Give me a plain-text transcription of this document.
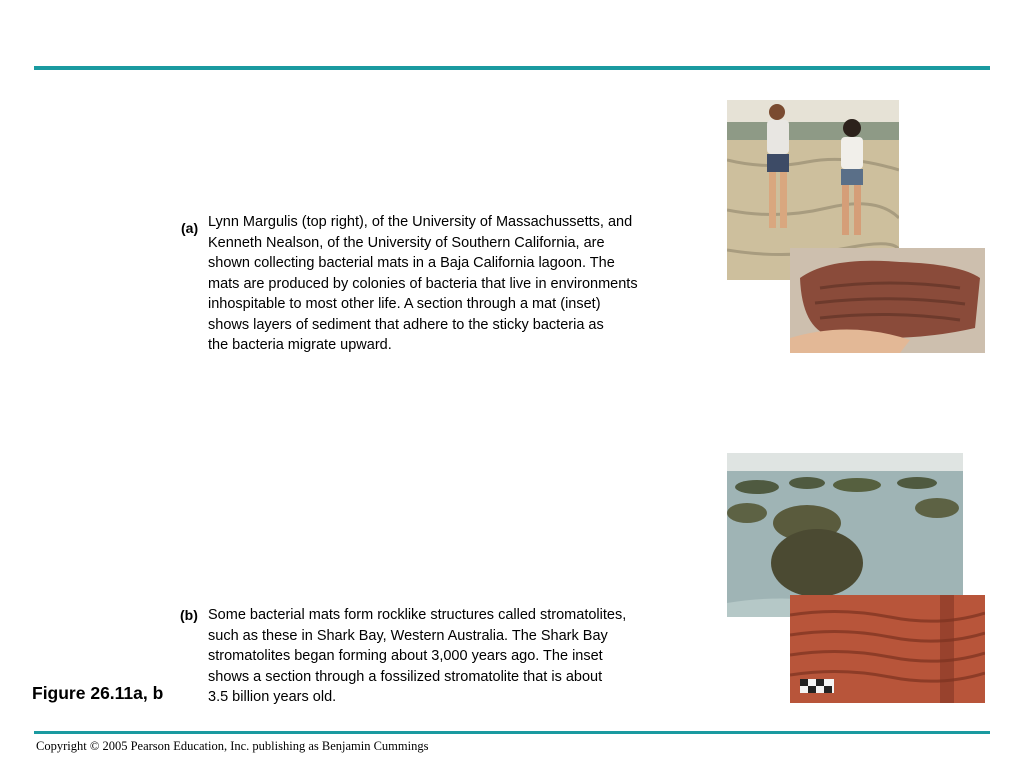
(a) Lynn Margulis (top right), of the University of Massachussetts, and
Kenneth Nealson, of the University of Southern California, are
shown collecting bacterial mats in a Baja California lagoon. The
mats are produced by colonies of bacteria that live in environments
inhospitable to most other life. A section through a mat (inset)
shows layers of sediment that adhere to the sticky bacteria as
the bacteria migrate upward.
(b) Some bacterial mats form rocklike structures called stromatolites,
such as these in Shark Bay, Western Australia. The Shark Bay
stromatolites began forming about 3,000 years ago. The inset
shows a section through a fossilized stromatolite that is about
3.5 billion years old.
Figure 26.11a, b
Copyright © 2005 Pearson Education, Inc. publishing as Benjamin Cummings
